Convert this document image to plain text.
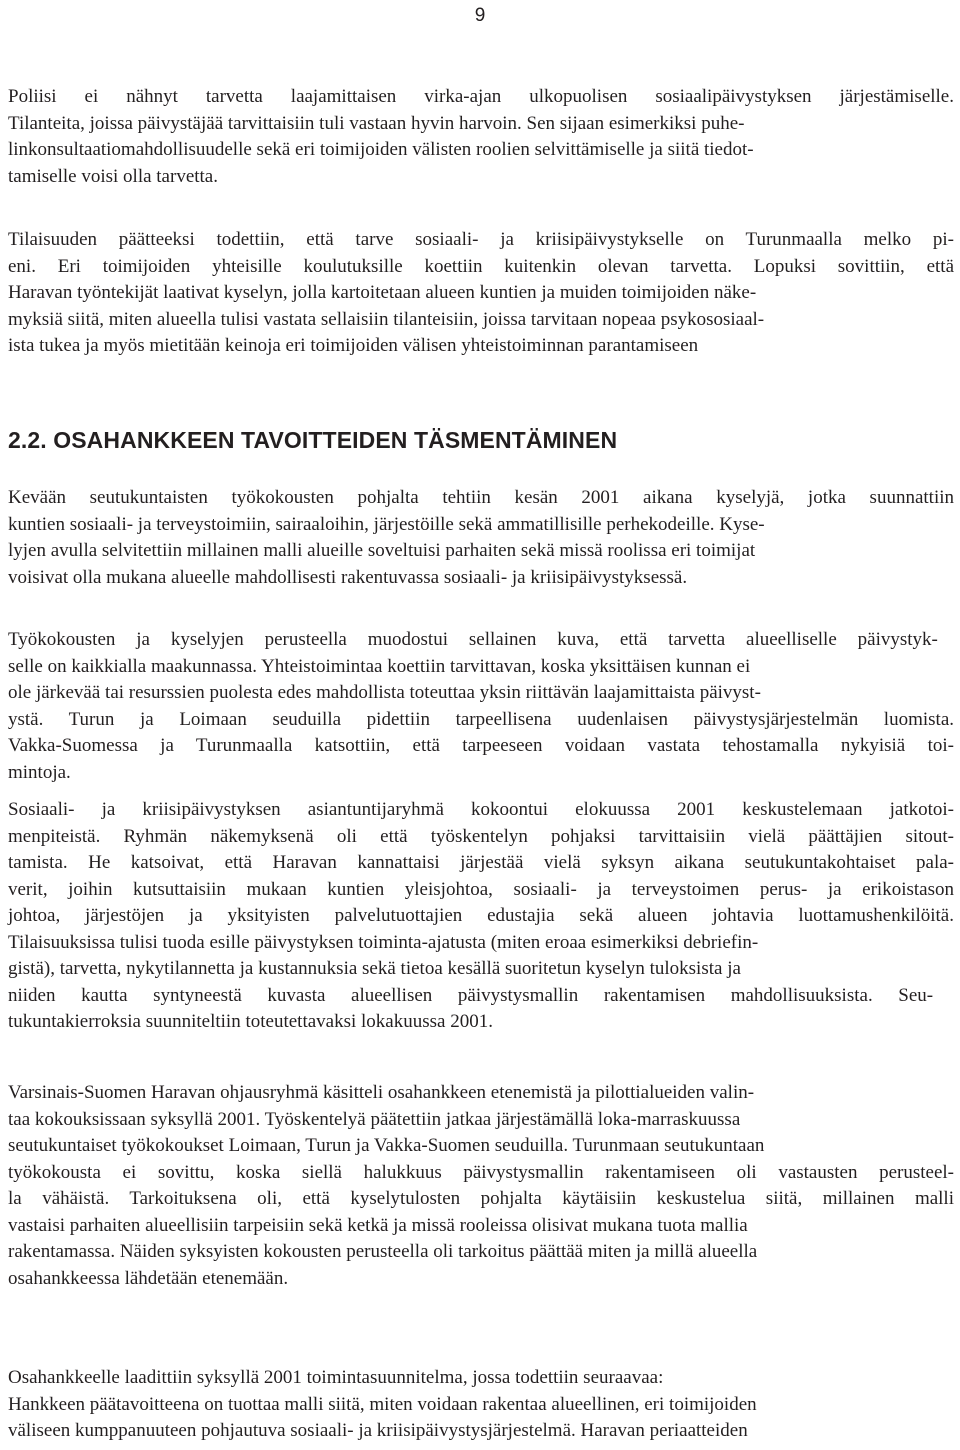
9
Poliisi ei nähnyt tarvetta laajamittaisen virka-ajan ulkopuolisen sosiaalipäivystyksen järjestämiselle.
Tilanteita, joissa päivystäjää tarvittaisiin tuli vastaan hyvin harvoin. Sen sijaan esimerkiksi puhe-
linkonsultaatiomahdollisuudelle sekä eri toimijoiden välisten roolien selvittämiselle ja siitä tiedot-
tamiselle voisi olla tarvetta.
Tilaisuuden päätteeksi todettiin, että tarve sosiaali- ja kriisipäivystykselle on Turunmaalla melko pi-
eni. Eri toimijoiden yhteisille koulutuksille koettiin kuitenkin olevan tarvetta. Lopuksi sovittiin, että
Haravan työntekijät laativat kyselyn, jolla kartoitetaan alueen kuntien ja muiden toimijoiden näke-
myksiä siitä, miten alueella tulisi vastata sellaisiin tilanteisiin, joissa tarvitaan nopeaa psykososiaal-
ista tukea ja myös mietitään keinoja eri toimijoiden välisen yhteistoiminnan parantamiseen
2.2. OSAHANKKEEN TAVOITTEIDEN TÄSMENTÄMINEN
Kevään seutukuntaisten työkokousten pohjalta tehtiin kesän 2001 aikana kyselyjä, jotka suunnattiin
kuntien sosiaali- ja terveystoimiin, sairaaloihin, järjestöille sekä ammatillisille perhekodeille. Kyse-
lyjen avulla selvitettiin millainen malli alueille soveltuisi parhaiten sekä missä roolissa eri toimijat
voisivat olla mukana alueelle mahdollisesti rakentuvassa sosiaali- ja kriisipäivystyksessä.
Työkokousten ja kyselyjen perusteella muodostui sellainen kuva, että tarvetta alueelliselle päivystyk-
selle on kaikkialla maakunnassa. Yhteistoimintaa koettiin tarvittavan, koska yksittäisen kunnan ei
ole järkevää tai resurssien puolesta edes mahdollista toteuttaa yksin riittävän laajamittaista päivyst-
ystä. Turun ja Loimaan seuduilla pidettiin tarpeellisena uudenlaisen päivystysjärjestelmän luomista.
Vakka-Suomessa ja Turunmaalla katsottiin, että tarpeeseen voidaan vastata tehostamalla nykyisiä toi-
mintoja.
Sosiaali- ja kriisipäivystyksen asiantuntijaryhmä kokoontui elokuussa 2001 keskustelemaan jatkotoi-
menpiteistä. Ryhmän näkemyksenä oli että työskentelyn pohjaksi tarvittaisiin vielä päättäjien sitout-
tamista. He katsoivat, että Haravan kannattaisi järjestää vielä syksyn aikana seutukuntakohtaiset pala-
verit, joihin kutsuttaisiin mukaan kuntien yleisjohtoa, sosiaali- ja terveystoimen perus- ja erikoistason
johtoa, järjestöjen ja yksityisten palvelutuottajien edustajia sekä alueen johtavia luottamushenkilöitä.
Tilaisuuksissa tulisi tuoda esille päivystyksen toiminta-ajatusta (miten eroaa esimerkiksi debriefin-
gistä), tarvetta, nykytilannetta ja kustannuksia sekä tietoa kesällä suoritetun kyselyn tuloksista ja
niiden kautta syntyneestä kuvasta alueellisen päivystysmallin rakentamisen mahdollisuuksista. Seu-
tukuntakierroksia suunniteltiin toteutettavaksi lokakuussa 2001.
Varsinais-Suomen Haravan ohjausryhmä käsitteli osahankkeen etenemistä ja pilottialueiden valin-
taa kokouksissaan syksyllä 2001. Työskentelyä päätettiin jatkaa järjestämällä loka-marraskuussa
seutukuntaiset työkokoukset Loimaan, Turun ja Vakka-Suomen seuduilla. Turunmaan seutukuntaan
työkokousta ei sovittu, koska siellä halukkuus päivystysmallin rakentamiseen oli vastausten perusteel-
la vähäistä. Tarkoituksena oli, että kyselytulosten pohjalta käytäisiin keskustelua siitä, millainen malli
vastaisi parhaiten alueellisiin tarpeisiin sekä ketkä ja missä rooleissa olisivat mukana tuota mallia
rakentamassa. Näiden syksyisten kokousten perusteella oli tarkoitus päättää miten ja millä alueella
osahankkeessa lähdetään etenemään.
Osahankkeelle laadittiin syksyllä 2001 toimintasuunnitelma, jossa todettiin seuraavaa:
Hankkeen päätavoitteena on tuottaa malli siitä, miten voidaan rakentaa alueellinen, eri toimijoiden
väliseen kumppanuuteen pohjautuva sosiaali- ja kriisipäivystysjärjestelmä. Haravan periaatteiden
